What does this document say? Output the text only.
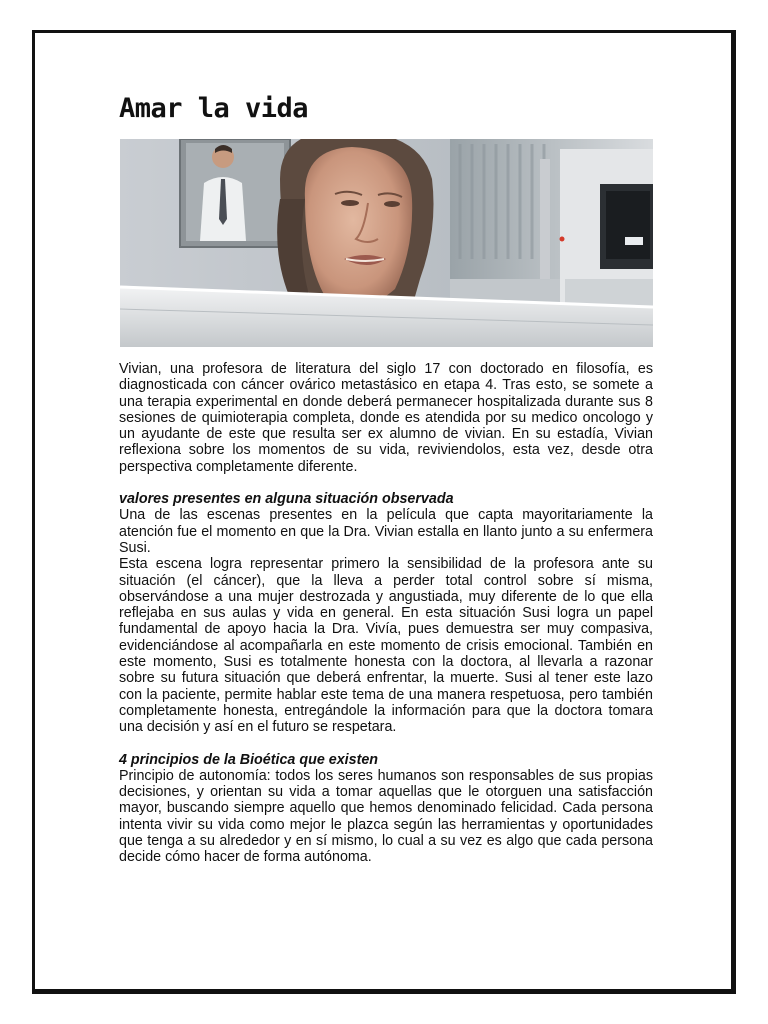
Amar la vida

Vivian, una profesora de literatura del siglo 17 con doctorado en filosofía, es diagnosticada con cáncer ovárico metastásico en etapa 4. Tras esto, se somete a una terapia experimental en donde deberá permanecer hospitalizada durante sus 8 sesiones de quimioterapia completa, donde es atendida por su medico oncologo y un ayudante de este que resulta ser ex alumno de vivian. En su estadía, Vivian reflexiona sobre los momentos de su vida, reviviendolos, esta vez, desde otra perspectiva completamente diferente.

valores presentes en alguna situación observada

Una de las escenas presentes en la película que capta mayoritariamente la atención fue el momento en que la Dra. Vivian estalla en llanto junto a su enfermera Susi.

Esta escena logra representar primero la sensibilidad de la profesora ante su situación (el cáncer), que la lleva a perder total control sobre sí misma, observándose a una mujer destrozada y angustiada, muy diferente de lo que ella reflejaba en sus aulas y vida en general. En esta situación Susi logra un papel fundamental de apoyo hacia la Dra. Vivía, pues demuestra ser muy compasiva, evidenciándose al acompañarla en este momento de crisis emocional. También en este momento, Susi es totalmente honesta con la doctora, al llevarla a razonar sobre su futura situación que deberá enfrentar, la muerte. Susi al tener este lazo con la paciente, permite hablar este tema de una manera respetuosa, pero también completamente honesta, entregándole la información para que la doctora tomara una decisión y así en el futuro se respetara.

4 principios de la Bioética que existen

Principio de autonomía: todos los seres humanos son responsables de sus propias decisiones, y orientan su vida a tomar aquellas que le otorguen una satisfacción mayor, buscando siempre aquello que hemos denominado felicidad. Cada persona intenta vivir su vida como mejor le plazca según las herramientas y oportunidades que tenga a su alrededor y en sí mismo, lo cual a su vez es algo que cada persona decide cómo hacer de forma autónoma.
